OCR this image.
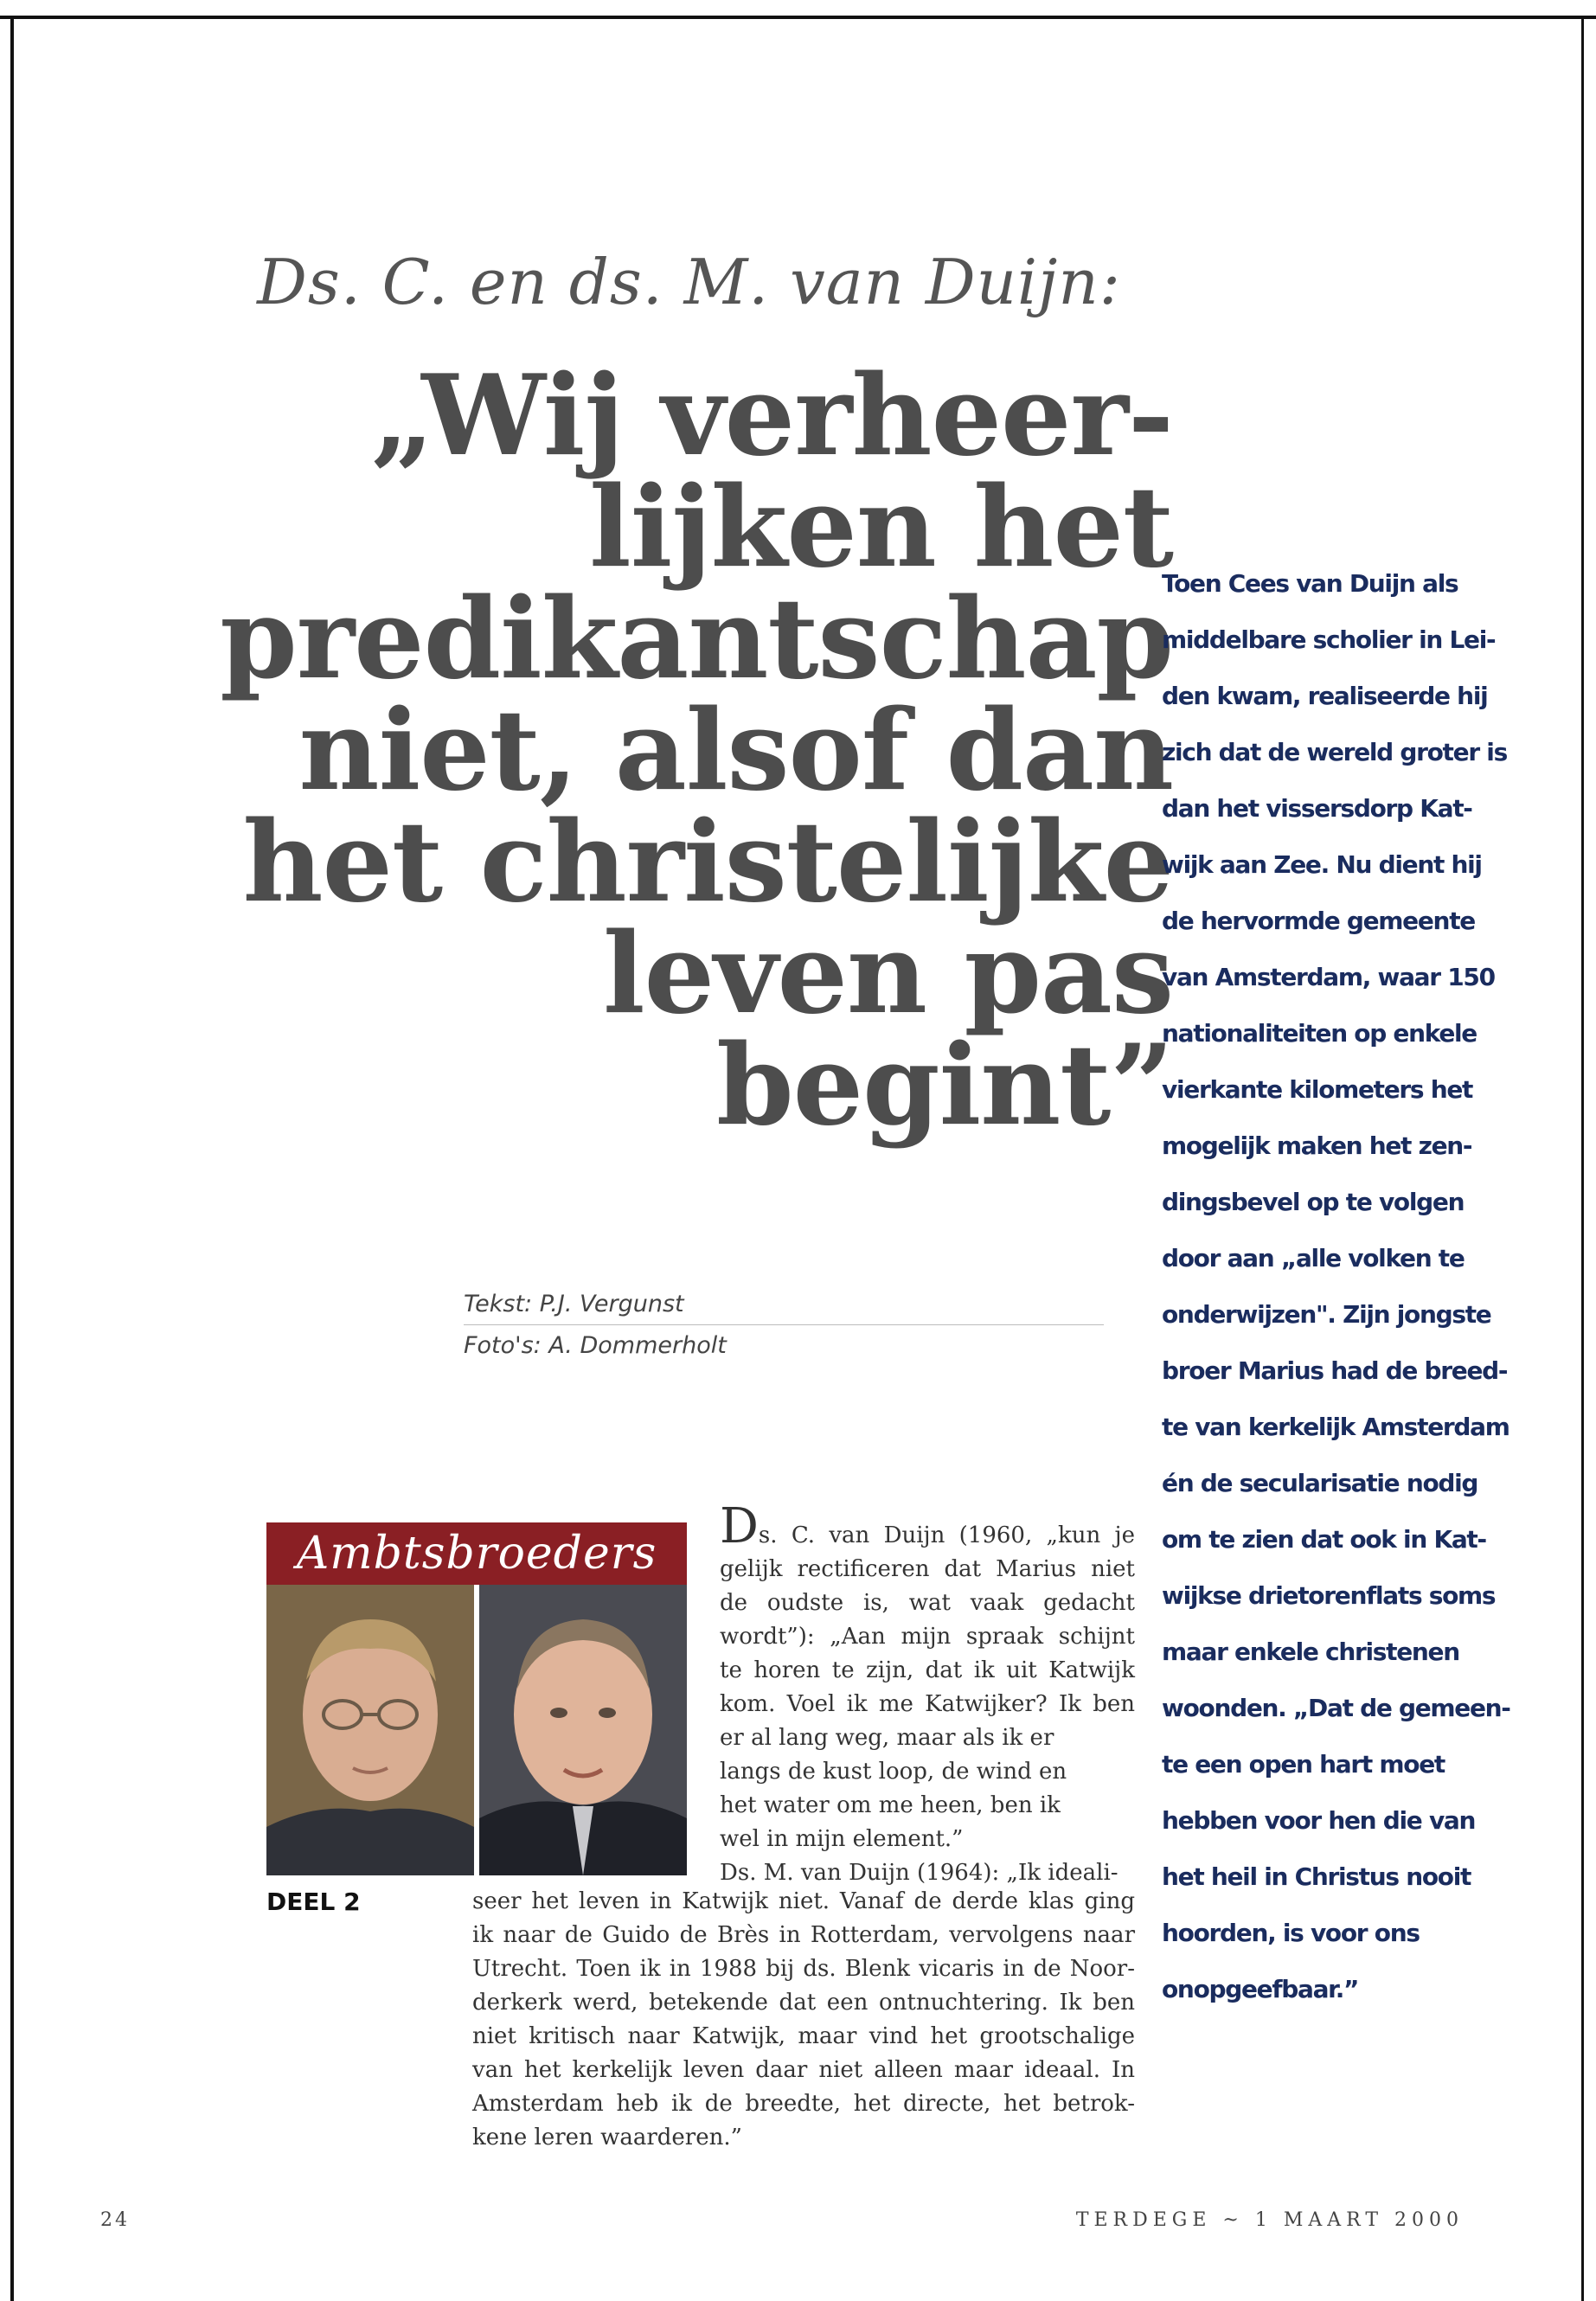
Ds. C. en ds. M. van Duijn:
„Wij verheer-
lijken het
predikantschap
niet, alsof dan
het christelijke
leven pas
begint”
Tekst: P.J. Vergunst
Foto's: A. Dommerholt
Toen Cees van Duijn als
middelbare scholier in Lei-
den kwam, realiseerde hij
zich dat de wereld groter is
dan het vissersdorp Kat-
wijk aan Zee. Nu dient hij
de hervormde gemeente
van Amsterdam, waar 150
nationaliteiten op enkele
vierkante kilometers het
mogelijk maken het zen-
dingsbevel op te volgen
door aan „alle volken te
onderwijzen". Zijn jongste
broer Marius had de breed-
te van kerkelijk Amsterdam
én de secularisatie nodig
om te zien dat ook in Kat-
wijkse drietorenflats soms
maar enkele christenen
woonden. „Dat de gemeen-
te een open hart moet
hebben voor hen die van
het heil in Christus nooit
hoorden, is voor ons
onopgeefbaar.”
Ambtsbroeders
DEEL 2
Ds. C. van Duijn (1960, „kun je
gelijk rectificeren dat Marius niet
de oudste is, wat vaak gedacht
wordt”): „Aan mijn spraak schijnt
te horen te zijn, dat ik uit Katwijk
kom. Voel ik me Katwijker? Ik ben
er al lang weg, maar als ik er
langs de kust loop, de wind en
het water om me heen, ben ik
wel in mijn element.”
Ds. M. van Duijn (1964): „Ik ideali-
seer het leven in Katwijk niet. Vanaf de derde klas ging
ik naar de Guido de Brès in Rotterdam, vervolgens naar
Utrecht. Toen ik in 1988 bij ds. Blenk vicaris in de Noor-
derkerk werd, betekende dat een ontnuchtering. Ik ben
niet kritisch naar Katwijk, maar vind het grootschalige
van het kerkelijk leven daar niet alleen maar ideaal. In
Amsterdam heb ik de breedte, het directe, het betrok-
kene leren waarderen.”
24	TERDEGE ~ 1 MAART 2000
